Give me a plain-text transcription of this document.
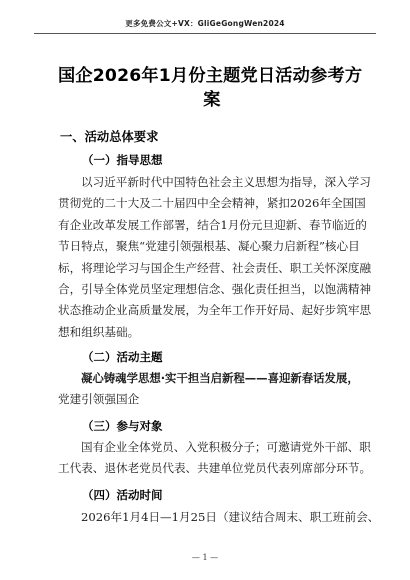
更多免费公文+VX：GliGeGongWen2024
国企2026年1月份主题党日活动参考方
案
一、活动总体要求
（一）指导思想
以习近平新时代中国特色社会主义思想为指导，深入学习
贯彻党的二十大及二十届四中全会精神，紧扣2026年全国国
有企业改革发展工作部署，结合1月份元旦迎新、春节临近的
节日特点，聚焦“党建引领强根基、凝心聚力启新程”核心目
标，将理论学习与国企生产经营、社会责任、职工关怀深度融
合，引导全体党员坚定理想信念、强化责任担当，以饱满精神
状态推动企业高质量发展，为全年工作开好局、起好步筑牢思
想和组织基础。
（二）活动主题
凝心铸魂学思想·实干担当启新程——喜迎新春话发展，
党建引领强国企
（三）参与对象
国有企业全体党员、入党积极分子；可邀请党外干部、职
工代表、退休老党员代表、共建单位党员代表列席部分环节。
（四）活动时间
2026年1月4日—1月25日（建议结合周末、职工班前会、
— 1 —
